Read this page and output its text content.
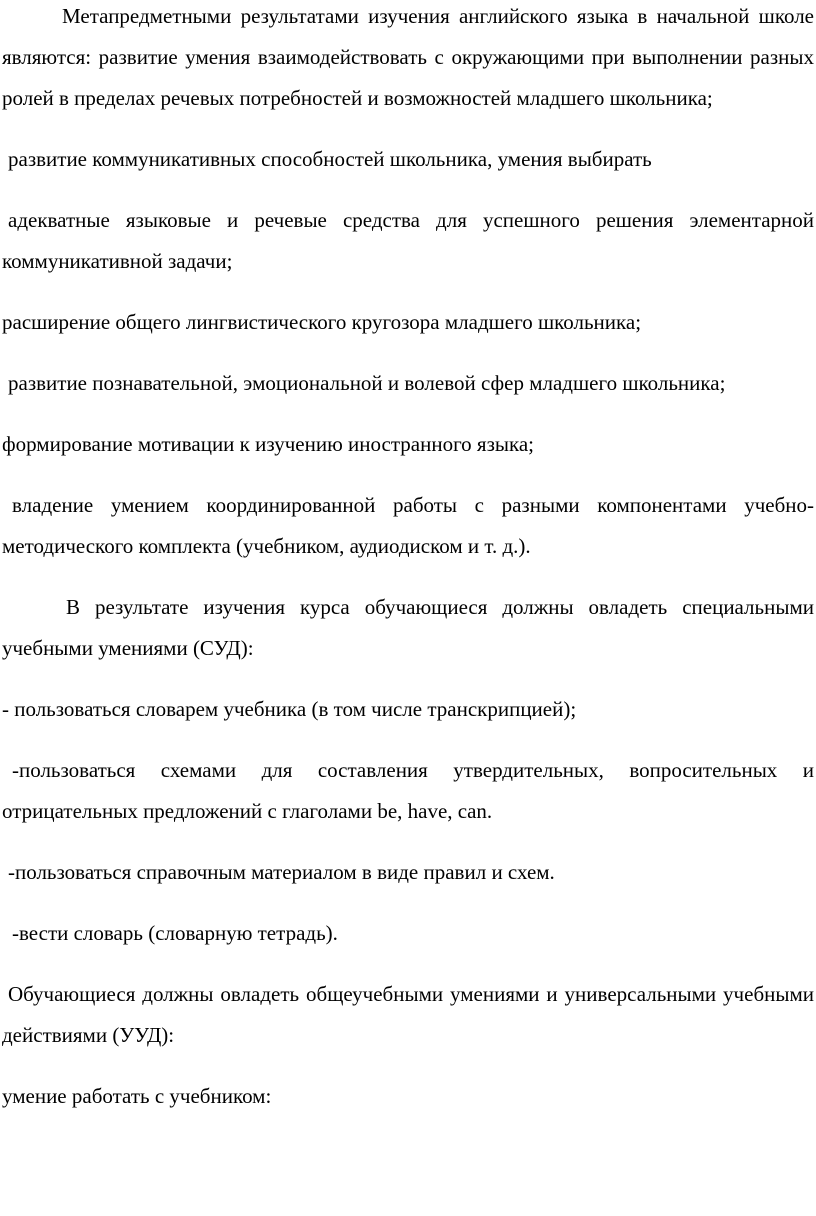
Метапредметными результатами изучения английского языка в начальной школе являются: развитие умения взаимодействовать с окружающими при выполнении разных ролей в пределах речевых потребностей и возможностей младшего школьника;

развитие коммуникативных способностей школьника, умения выбирать

адекватные языковые и речевые средства для успешного решения элементарной коммуникативной задачи;

расширение общего лингвистического кругозора младшего школьника;

развитие познавательной, эмоциональной и волевой сфер младшего школьника;

формирование мотивации к изучению иностранного языка;

владение умением координированной работы с разными компонентами учебно-методического комплекта (учебником, аудиодиском и т. д.).

В результате изучения курса обучающиеся должны овладеть специальными учебными умениями (СУД):

- пользоваться словарем учебника (в том числе транскрипцией);

-пользоваться схемами для составления утвердительных, вопросительных и отрицательных предложений с глаголами be, have, can.

-пользоваться справочным материалом в виде правил и схем.

-вести словарь (словарную тетрадь).

Обучающиеся должны овладеть общеучебными умениями и универсальными учебными действиями (УУД):

умение работать с учебником:
